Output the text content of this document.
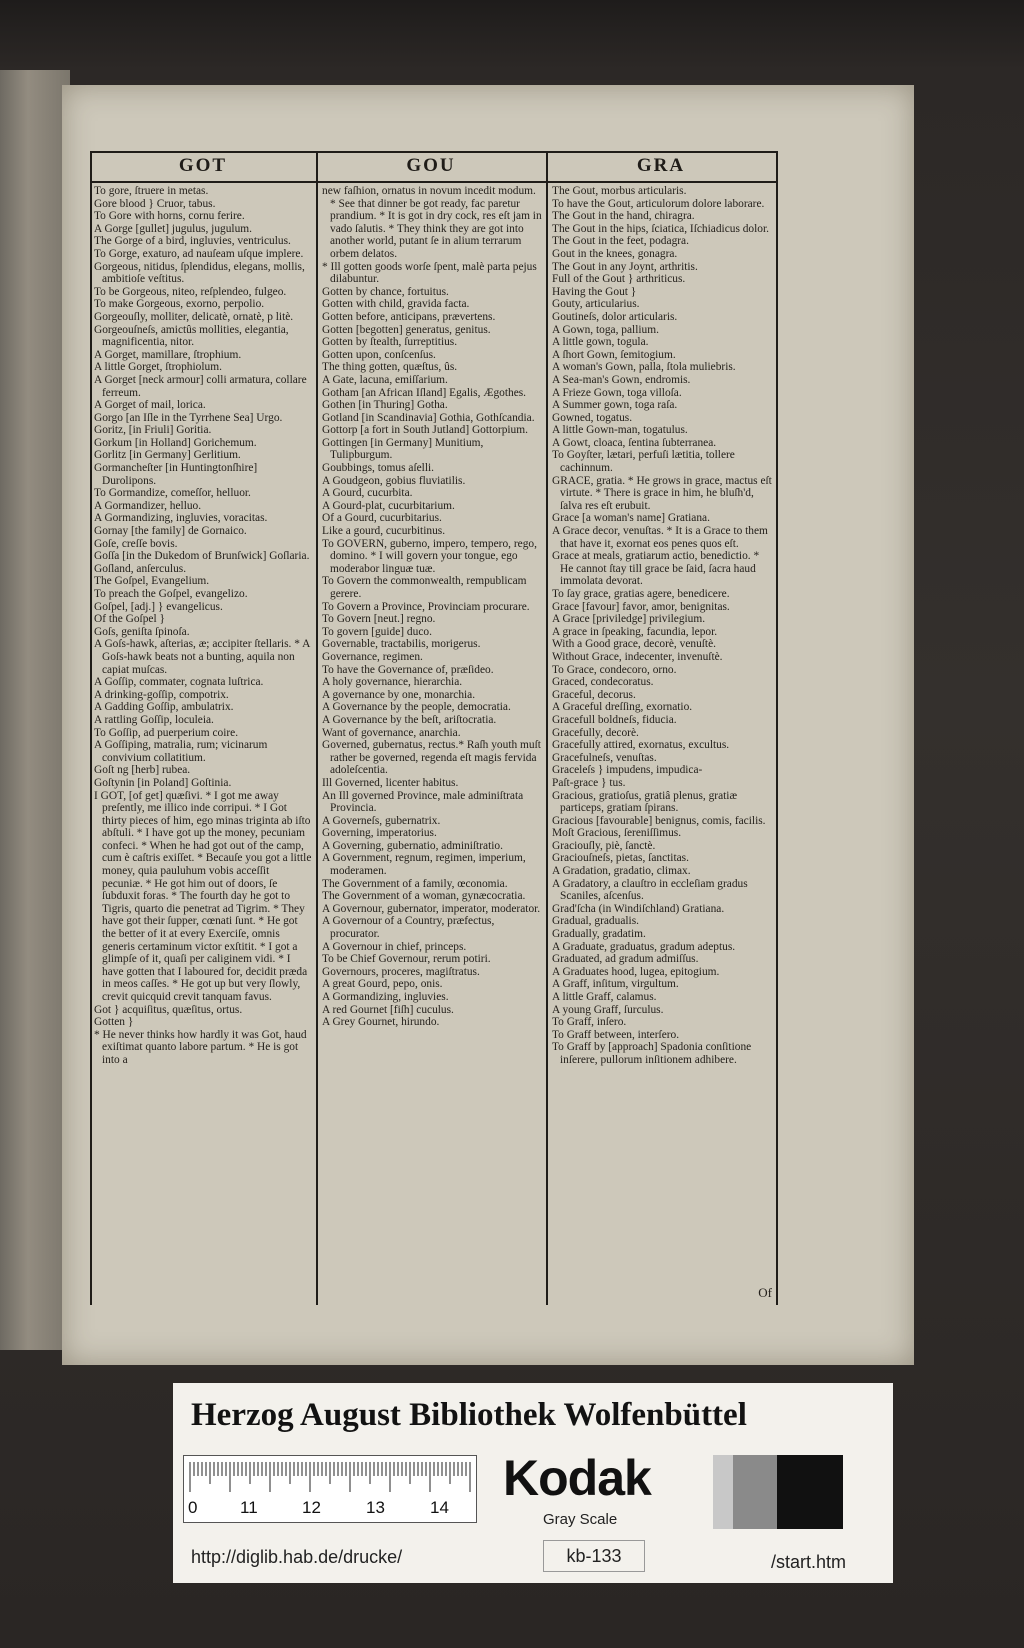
GOT	GOU	GRA

To gore, ſtruere in metas.

Gore blood } Cruor, tabus.

To Gore with horns, cornu ferire.

A Gorge [gullet] jugulus, jugulum.

The Gorge of a bird, ingluvies, ventriculus.

To Gorge, exaturo, ad nauſeam uſque implere.

Gorgeous, nitidus, ſplendidus, elegans, mollis, ambitioſe veſtitus.

To be Gorgeous, niteo, reſplendeo, fulgeo.

To make Gorgeous, exorno, perpolio.

Gorgeouſly, molliter, delicatè, ornatè, p litè.

Gorgeouſneſs, amictûs mollities, elegantia, magnificentia, nitor.

A Gorget, mamillare, ſtrophium.

A little Gorget, ſtrophiolum.

A Gorget [neck armour] colli armatura, collare ferreum.

A Gorget of mail, lorica.

Gorgo [an Iſle in the Tyrrhene Sea] Urgo.

Goritz, [in Friuli] Goritia.

Gorkum [in Holland] Gorichemum.

Gorlitz [in Germany] Gerlitium.

Gormancheſter [in Huntingtonſhire] Durolipons.

To Gormandize, comeſſor, helluor.

A Gormandizer, helluo.

A Gormandizing, ingluvies, voracitas.

Gornay [the family] de Gornaico.

Goſe, creſſe bovis.

Goſſa [in the Dukedom of Brunſwick] Goſlaria.

Goſland, anſerculus.

The Goſpel, Evangelium.

To preach the Goſpel, evangelizo.

Goſpel, [adj.] } evangelicus.

Of the Goſpel }

Goſs, geniſta ſpinoſa.

A Goſs-hawk, aſterias, æ; accipiter ſtellaris. * A Goſs-hawk beats not a bunting, aquila non capiat muſcas.

A Goſſip, commater, cognata luſtrica.

A drinking-goſſip, compotrix.

A Gadding Goſſip, ambulatrix.

A rattling Goſſip, loculeia.

To Goſſip, ad puerperium coire.

A Goſſiping, matralia, rum; vicinarum convivium collatitium.

Goſt ng [herb] rubea.

Goſtynin [in Poland] Goſtinia.

I GOT, [of get] quæſivi. * I got me away preſently, me illico inde corripui. * I Got thirty pieces of him, ego minas triginta ab iſto abſtuli. * I have got up the money, pecuniam confeci. * When he had got out of the camp, cum è caſtris exiſſet. * Becauſe you got a little money, quia pauluhum vobis acceſſit pecuniæ. * He got him out of doors, ſe ſubduxit foras. * The fourth day he got to Tigris, quarto die penetrat ad Tigrim. * They have got their ſupper, cœnati ſunt. * He got the better of it at every Exerciſe, omnis generis certaminum victor exſtitit. * I got a glimpſe of it, quaſi per caliginem vidi. * I have gotten that I laboured for, decidit præda in meos caſſes. * He got up but very ſlowly, crevit quicquid crevit tanquam favus.

Got } acquiſitus, quæſitus, ortus.

Gotten }

* He never thinks how hardly it was Got, haud exiſtimat quanto labore partum. * He is got into a

new faſhion, ornatus in novum incedit modum. * See that dinner be got ready, fac paretur prandium. * It is got in dry cock, res eſt jam in vado ſalutis. * They think they are got into another world, putant ſe in alium terrarum orbem delatos.

* Ill gotten goods worſe ſpent, malè parta pejus dilabuntur.

Gotten by chance, fortuitus.

Gotten with child, gravida facta.

Gotten before, anticipans, prævertens.

Gotten [begotten] generatus, genitus.

Gotten by ſtealth, ſurreptitius.

Gotten upon, conſcenſus.

The thing gotten, quæſtus, ûs.

A Gate, lacuna, emiſſarium.

Gotham [an African Iſland] Egalis, Ægothes.

Gothen [in Thuring] Gotha.

Gotland [in Scandinavia] Gothia, Gothſcandia.

Gottorp [a fort in South Jutland] Gottorpium.

Gottingen [in Germany] Munitium, Tulipburgum.

Goubbings, tomus aſelli.

A Goudgeon, gobius fluviatilis.

A Gourd, cucurbita.

A Gourd-plat, cucurbitarium.

Of a Gourd, cucurbitarius.

Like a gourd, cucurbitinus.

To GOVERN, guberno, impero, tempero, rego, domino. * I will govern your tongue, ego moderabor linguæ tuæ.

To Govern the commonwealth, rempublicam gerere.

To Govern a Province, Provinciam procurare.

To Govern [neut.] regno.

To govern [guide] duco.

Governable, tractabilis, morigerus.

Governance, regimen.

To have the Governance of, præſideo.

A holy governance, hierarchia.

A governance by one, monarchia.

A Governance by the people, democratia.

A Governance by the beſt, ariſtocratia.

Want of governance, anarchia.

Governed, gubernatus, rectus.* Raſh youth muſt rather be governed, regenda eſt magis fervida adoleſcentia.

Ill Governed, licenter habitus.

An Ill governed Province, male adminiſtrata Provincia.

A Governeſs, gubernatrix.

Governing, imperatorius.

A Governing, gubernatio, adminiſtratio.

A Government, regnum, regimen, imperium, moderamen.

The Government of a family, œconomia.

The Government of a woman, gynæcocratia.

A Governour, gubernator, imperator, moderator.

A Governour of a Country, præfectus, procurator.

A Governour in chief, princeps.

To be Chief Governour, rerum potiri.

Governours, proceres, magiſtratus.

A great Gourd, pepo, onis.

A Gormandizing, ingluvies.

A red Gournet [fiſh] cuculus.

A Grey Gournet, hirundo.

The Gout, morbus articularis.

To have the Gout, articulorum dolore laborare.

The Gout in the hand, chiragra.

The Gout in the hips, ſciatica, Iſchiadicus dolor.

The Gout in the feet, podagra.

Gout in the knees, gonagra.

The Gout in any Joynt, arthritis.

Full of the Gout } arthriticus.

Having the Gout }

Gouty, articularius.

Goutineſs, dolor articularis.

A Gown, toga, pallium.

A little gown, togula.

A ſhort Gown, ſemitogium.

A woman's Gown, palla, ſtola muliebris.

A Sea-man's Gown, endromis.

A Frieze Gown, toga villoſa.

A Summer gown, toga raſa.

Gowned, togatus.

A little Gown-man, togatulus.

A Gowt, cloaca, ſentina ſubterranea.

To Goyſter, lætari, perfuſi lætitia, tollere cachinnum.

GRACE, gratia. * He grows in grace, mactus eſt virtute. * There is grace in him, he bluſh'd, ſalva res eſt erubuit.

Grace [a woman's name] Gratiana.

A Grace decor, venuſtas. * It is a Grace to them that have it, exornat eos penes quos eſt.

Grace at meals, gratiarum actio, benedictio. * He cannot ſtay till grace be ſaid, ſacra haud immolata devorat.

To ſay grace, gratias agere, benedicere.

Grace [favour] favor, amor, benignitas.

A Grace [priviledge] privilegium.

A grace in ſpeaking, facundia, lepor.

With a Good grace, decorè, venuſtè.

Without Grace, indecenter, invenuſtè.

To Grace, condecoro, orno.

Graced, condecoratus.

Graceful, decorus.

A Graceful dreſſing, exornatio.

Gracefull boldneſs, fiducia.

Gracefully, decorè.

Gracefully attired, exornatus, excultus.

Gracefulneſs, venuſtas.

Graceleſs } impudens, impudica-

Paſt-grace } tus.

Gracious, gratioſus, gratiâ plenus, gratiæ particeps, gratiam ſpirans.

Gracious [favourable] benignus, comis, facilis.

Moſt Gracious, ſereniſſimus.

Graciouſly, piè, ſanctè.

Graciouſneſs, pietas, ſanctitas.

A Gradation, gradatio, climax.

A Gradatory, a clauſtro in eccleſiam gradus Scaniles, aſcenſus.

Grad'ſcha (in Windiſchland) Gratiana.

Gradual, gradualis.

Gradually, gradatim.

A Graduate, graduatus, gradum adeptus.

Graduated, ad gradum admiſſus.

A Graduates hood, lugea, epitogium.

A Graff, inſitum, virgultum.

A little Graff, calamus.

A young Graff, ſurculus.

To Graff, inſero.

To Graff between, interſero.

To Graff by [approach] Spadonia conſitione inſerere, pullorum inſitionem adhibere.

Of
Herzog August Bibliothek Wolfenbüttel
0	11	12	13	14
Kodak
Gray Scale
http://diglib.hab.de/drucke/	kb-133	/start.htm
